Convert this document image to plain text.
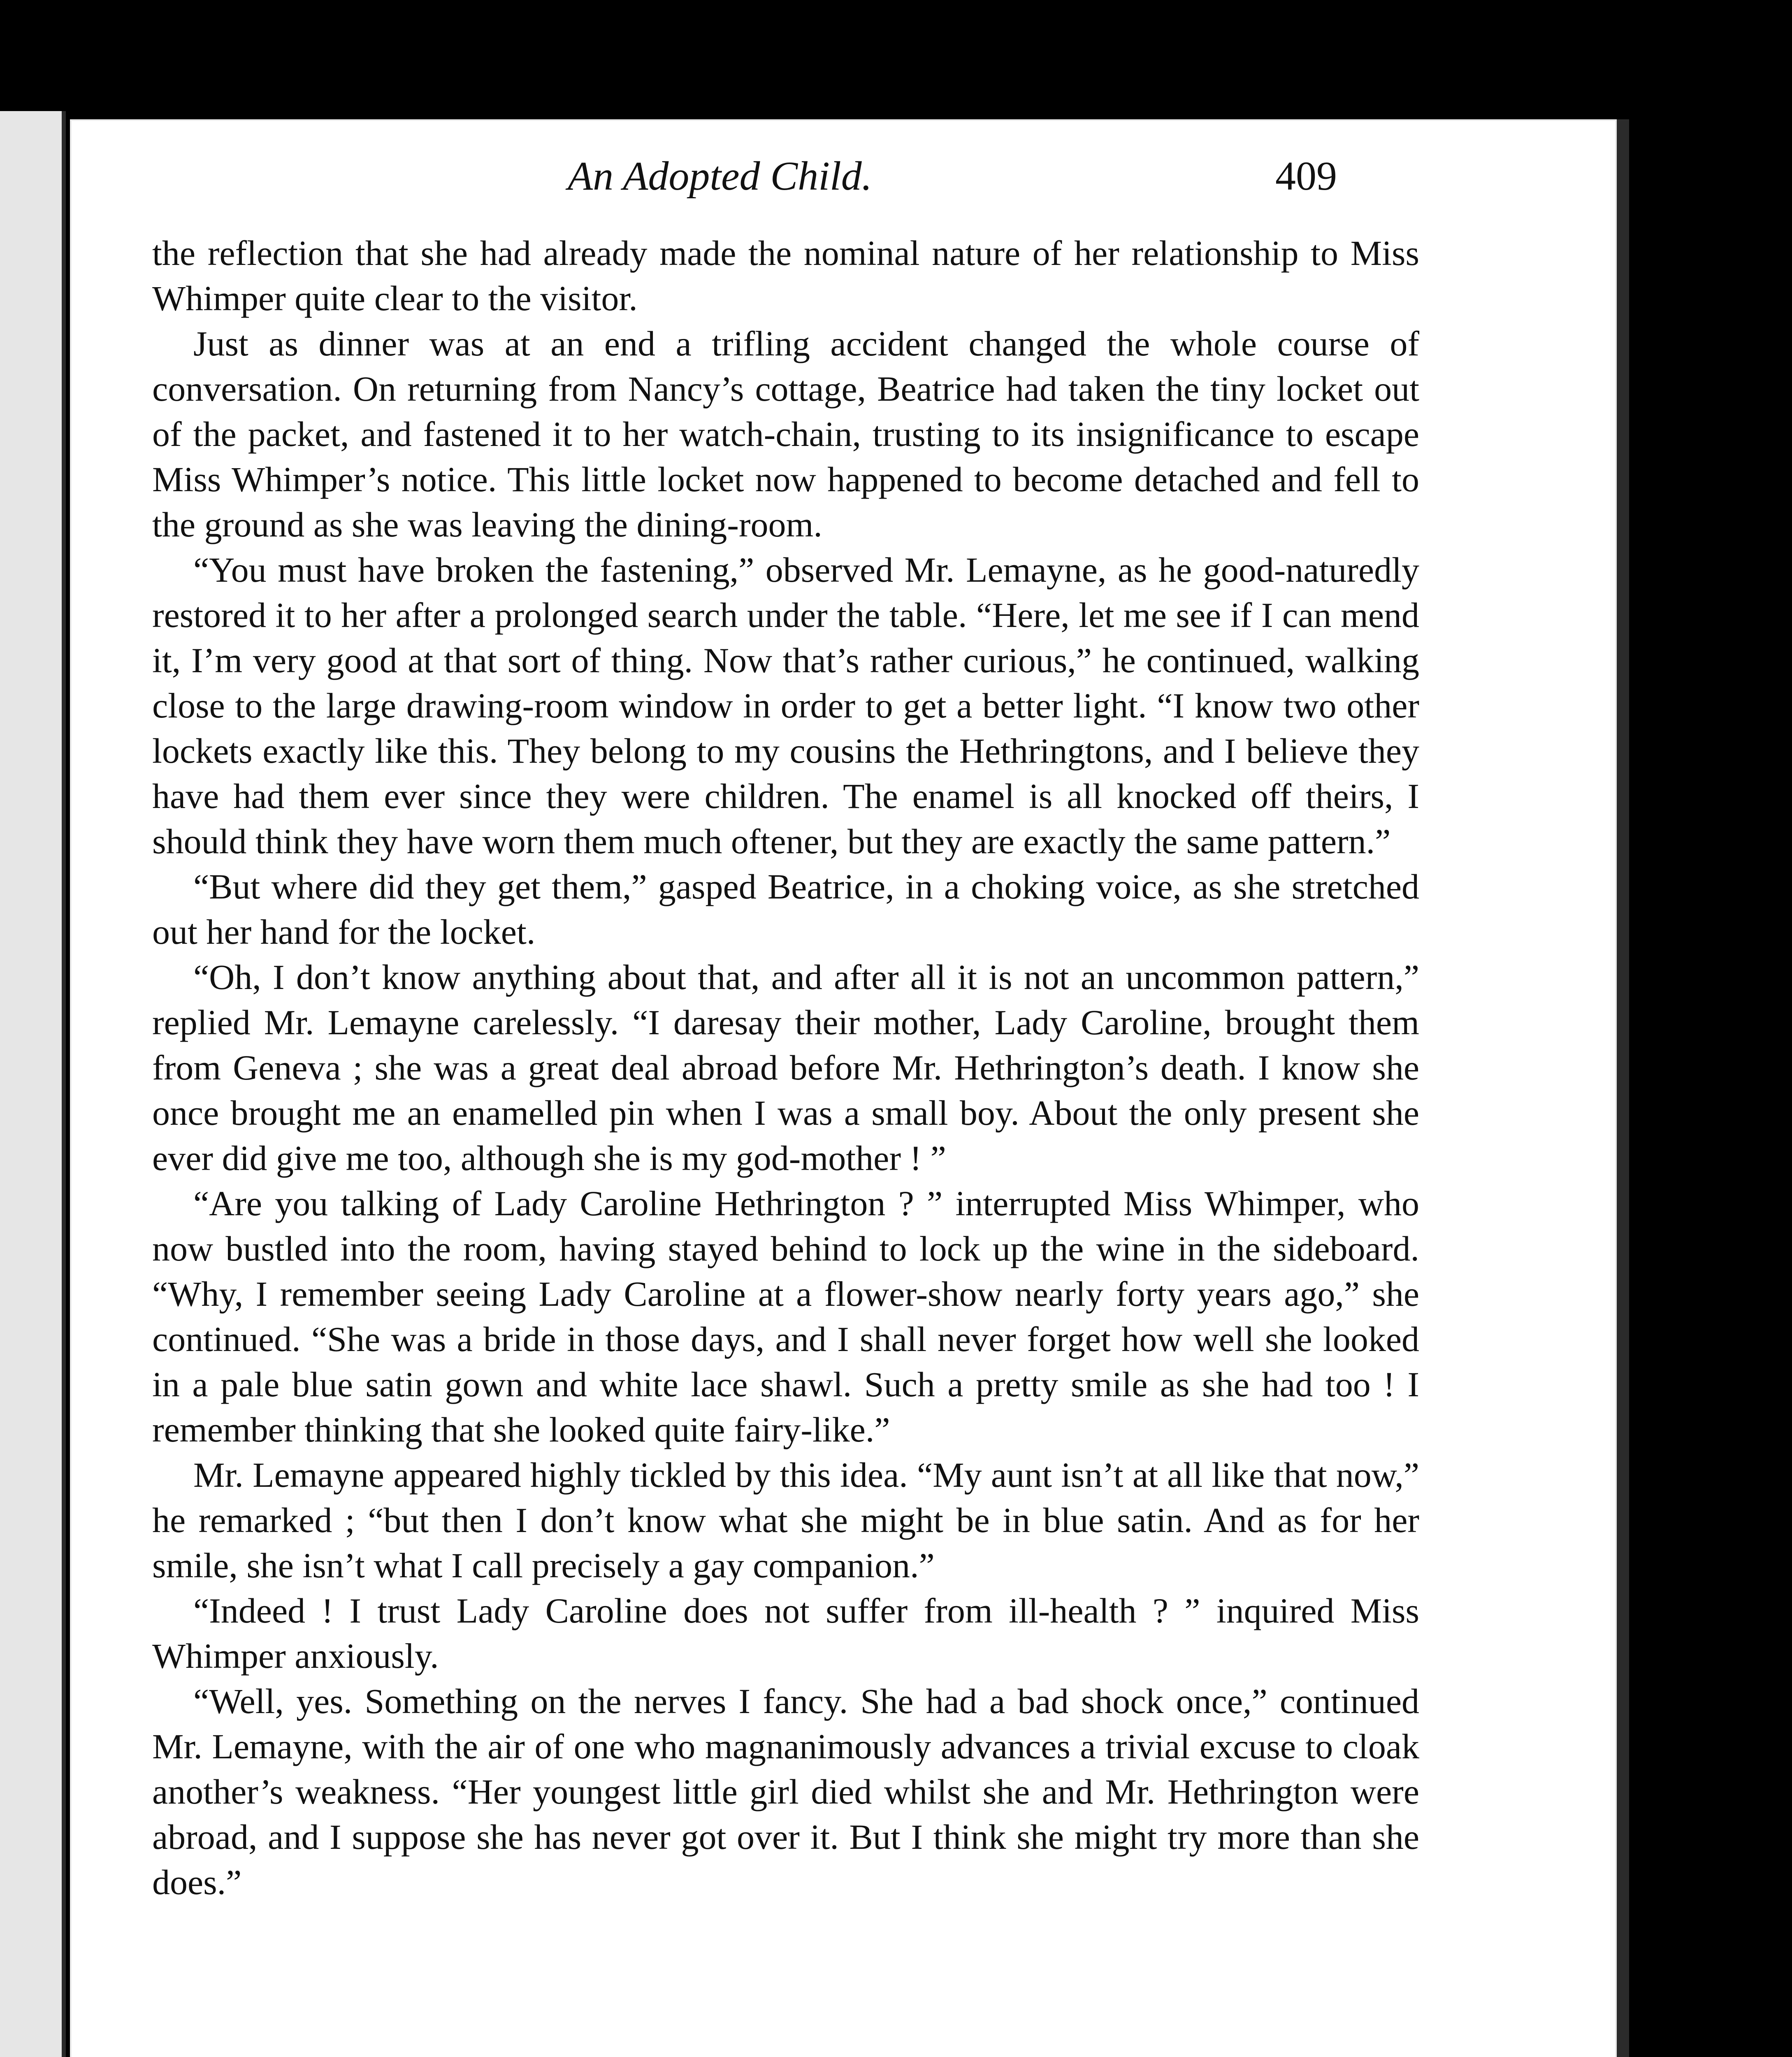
An Adopted Child.	409

the reflection that she had already made the nominal nature of her relationship to Miss Whimper quite clear to the visitor.

Just as dinner was at an end a trifling accident changed the whole course of conversation. On returning from Nancy’s cottage, Beatrice had taken the tiny locket out of the packet, and fastened it to her watch-chain, trusting to its insignificance to escape Miss Whimper’s notice. This little locket now happened to become detached and fell to the ground as she was leaving the dining-room.

“You must have broken the fastening,” observed Mr. Lemayne, as he good-naturedly restored it to her after a prolonged search under the table. “Here, let me see if I can mend it, I’m very good at that sort of thing. Now that’s rather curious,” he continued, walking close to the large drawing-room window in order to get a better light. “I know two other lockets exactly like this. They belong to my cousins the Hethringtons, and I believe they have had them ever since they were children. The enamel is all knocked off theirs, I should think they have worn them much oftener, but they are exactly the same pattern.”

“But where did they get them,” gasped Beatrice, in a choking voice, as she stretched out her hand for the locket.

“Oh, I don’t know anything about that, and after all it is not an uncommon pattern,” replied Mr. Lemayne carelessly. “I daresay their mother, Lady Caroline, brought them from Geneva ; she was a great deal abroad before Mr. Hethrington’s death. I know she once brought me an enamelled pin when I was a small boy. About the only present she ever did give me too, although she is my god-mother ! ”

“Are you talking of Lady Caroline Hethrington ? ” interrupted Miss Whimper, who now bustled into the room, having stayed behind to lock up the wine in the sideboard. “Why, I remember seeing Lady Caroline at a flower-show nearly forty years ago,” she continued. “She was a bride in those days, and I shall never forget how well she looked in a pale blue satin gown and white lace shawl. Such a pretty smile as she had too ! I remember thinking that she looked quite fairy-like.”

Mr. Lemayne appeared highly tickled by this idea. “My aunt isn’t at all like that now,” he remarked ; “but then I don’t know what she might be in blue satin. And as for her smile, she isn’t what I call precisely a gay companion.”

“Indeed ! I trust Lady Caroline does not suffer from ill-health ? ” inquired Miss Whimper anxiously.

“Well, yes. Something on the nerves I fancy. She had a bad shock once,” continued Mr. Lemayne, with the air of one who magnanimously advances a trivial excuse to cloak another’s weakness. “Her youngest little girl died whilst she and Mr. Hethrington were abroad, and I suppose she has never got over it. But I think she might try more than she does.”
